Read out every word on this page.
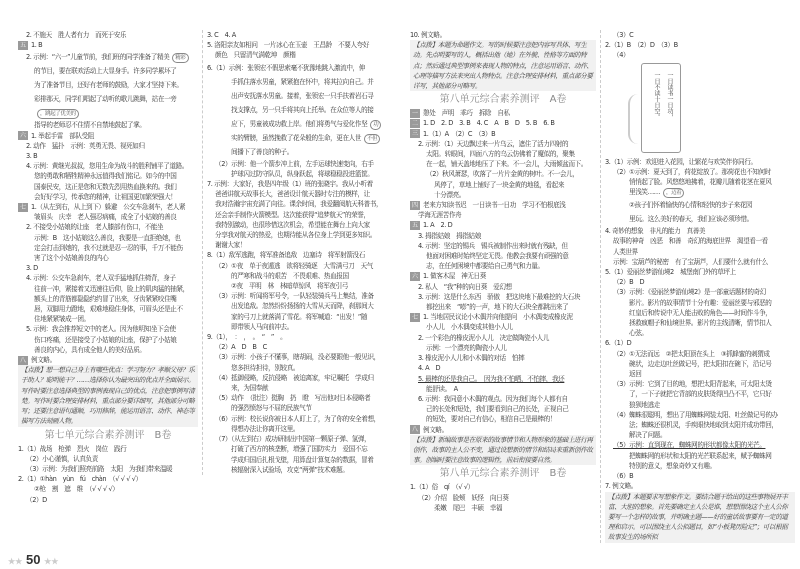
2. 不施天　胜人者有力　而死于安乐
五 1. B
2. 示例：“六一”儿童节前，我们班的同学准备了精美 精彩
的节目，要在联欢活动上大显身手。许多同学累坏了
为了准备节目，还好有老师的鼓励，大家才坚持下来。
彩排那天，同学们唱起了动听的歌儿跳舞，站在一旁，跳起了优美的
指导的老师忍不住情不自禁地鼓起了掌。
六 1. 举起手雷　部队受阻
2. 动作　猛扑　示例：英勇无畏、视死如归
3. B
4. 示例：黄继光叔叔，您用生命为战斗的胜利铺平了道路。
您的勇敢和牺牲精神永远值得我们铭记。如今的中国
国泰民安，这正是您和无数先烈用热血换来的。我们
会好好学习，传承您的精神，让祖国更加繁荣强大！
七 1.（从左到右，从上到下）躲避　公交车急刹车，老人紧
皱眉头　庆幸　老人强忍病痛，成全了小姑娘的善良
2. 不接受小姑娘的让座　老人膝部有伤口，不能坐
示例：B　这小姑娘这么善良，我要是一直拒绝她，也
定会打击到她的，我不过就是忍一忍的事，千万不能伤
害了这个小姑娘善良的内心
3. D
4. 示例：公交车急刹车，老人双手猛地抓住椅背，身子
往前一冲，紧接着又迅速往后仰，脸上的肌肉猛的抽紧，
额头上的青筋都隐隐约约冒了出来，牙齿紧紧咬住嘴
唇，双脚用力蹬地，艰难地稳住身体，可眉头还是止不
住地紧紧皱成一团。
5. 示例：我会推荐短文中的老人。因为他明知坐下会使
伤口疼痛，还是接受了小姑娘的让座，保护了小姑娘
善良的内心，具有成全他人的美好品质。
八 例文略。
【点拨】想一想自己身上有哪些优点：学习努力？孝顺父母？乐于助人？聪明能干？……选择你认为最突出的优点并全面展示。写作时要注意选择典型的事例表现自己的优点，注意把事例写清楚。写作时要合理安排材料，重点部分要详细写，其他部分可略写；还要注意语句通顺，巧用修辞，能运用语言、动作、神态等描写方法刻画人物。
第七单元综合素养测评　B卷
1.（1）战场　枪弹　烈火　岗位　践行
（2）小心谨慎，认真负责
（3）示例：为我们照亮前路　太阳　为我们带来温暖
2.（1）①hàn　yùn　fú　chàn　（√ √ √ √）
②枪　割　遮　维　（√ √ √ √）
（2）D
3. C　4. A
5. 洛阳亲友如相问　一片冰心在玉壶　王昌龄　不要人夸好
颜色　只留清气满乾坤　颜楷
6.（1）示例：张领宏不假思索毫不犹豫地跳入激流中，伸
手抓住落水男童，紧紧抱在怀中，将其拉向自己。并
出声安抚落水男童。接着，张领宏一只手扶着岩石寻
找支撑点，另一只手将其向上托举。在众位等人的接
应下，男童被成功救上岸。他们将勇气与爱化作坚 功
实的臂膀，虽然挽救了花朵般的生命，更在人世 不但
间播下了善良的种子。
（2）示例：他一个箭步冲上前，左手运球快速变向，右手
护球闪过防守队员，纵身跃起，将球稳稳投进篮筐。
7. 示例：大家好，我是四年级（1）班的张晓宇。我从小听着
爸爸讲航天故事长大，爸爸设计航天器时专注的模样，让
我对浩瀚宇宙充满了向往。课余时间，我爱翻阅航天科普书，
还会亲手制作火箭模型。这次能获得“追梦航天”的荣誉，
我特别激动，也很珍惜这次机会，希望能在舞台上向大家
分享我对航天的热爱，也期待能从各位身上学到更多知识。
谢谢大家！
8.（1）敌军逃跑，将军准备追敌　边塞诗　将军射箭没石
（2）①夜　单于夜遁逃　欲将轻骑逐　大雪满弓刀　天气
的严寒和战斗的艰苦　不畏艰难、热血报国
②夜　平明　林　林暗草惊风　将军夜引弓
（3）示例：听闻将军号令，一队轻装骑兵马上集结，准备
出发追敌。忽然纷纷扬扬的大雪从天而降，刹那间大
家的弓刀上就落满了雪花。将军喊道：“出发！”随
即带领人马向前冲去。
9.（1），　：　，　。　“　”　。
（2）A　D　B　C
（3）示例：小孩子不懂事，瞎胡闹，没必要跟他一般见识，
您多担待担待，别较真。
（4）抵御侵略，反抗侵略　被迫离家，牢记嘱托　学成归
来，为国奉献
（5）动作　（批注）挺胸　扔　瞪　写出他对日本侵略者
的强烈愤怒与不屈的民族气节
（6）示例：校长说你被日本人盯上了，为了你的安全着想，
得想办法让你离开这里。
（7）（从左到右）成功研制出中国第一颗原子弹、氢弹，
打破了西方的核垄断，增强了国防实力　爱国不忘
学成归国后扎根戈壁，用算盘计算复杂的数据，冒着
核辐射深入试验场，攻克“两弹”技术难题。
10. 例文略。
【点拨】本题为命题作文。写的时候要注意把内容写具体、写生动。先点明要写的人，概括出他（她）在外貌、性格等方面的特点；然后通过典型事例来表现人物的特点，注意运用语言、动作、心理等描写方法来突出人物特点。注意合理安排材料，重点部分要详写，其他部分可略写。
第八单元综合素养测评　A卷
一 憩处　声明　乖巧　拆除　自私
二 1. D　2. D　3. B　4. C　A　B　D　5. B　6. B
三 1.（1）A　（2）C　（3）B
2. 示例：（1）天边飘过来一片乌云，遮住了活力四射的
太阳。转眼间，四面八方的乌云仿佛着了魔似的，聚集
在一起，铺天盖地地压了下来。不一会儿，大雨倾盆而下。
（2）秋风萧瑟，吹落了一片片金黄的树叶。不一会儿，
风停了，草地上铺好了一块金黄的地毯，看起来
十分漂亮。
四 老来方知读书迟　一日读书一日功　学习不怕根底浅
学海无涯苦作舟
五 1. A　2. D
3. 拇指姑娘　拇指姑娘
4. 示例：坚定的锡兵　锡兵被制作出来时就有残缺，但
他面对困难时始终坚定无畏。他教会我要有顽强的意
志，在任何困境中都要给自己勇气和力量。
六 1. 做客木屋　神无日葵
2. 私人　“我”种的向日葵　爱幻想
3. 示例：这是什么东西　骄傲　把这块地下最难挖的大石块
都挖出来　“嘭”的一声，地下的大石块全都跳出来了
七 1. 当地居民议论小木偶并向他提问　小木偶变成橡皮泥
小人儿　小木偶变成其他小人儿
2. 一个彩色的橡皮泥小人儿　决定做陶瓷小人儿
示例：一个漂亮的陶瓷小人儿
3. 橡皮泥小人儿和小木偶的对话　怕摔
4. A　D
5. 最棒的还是我自己。　因为我不怕晒，不怕摔，我还
能舒读。　A
6. 示例：我同意小木偶的观点。因为我们每个人都有自
己的长处和短处，我们要看到自己的长处，正视自己
的短处，要对自己有信心，相信自己是最棒的！
八 例文略。
【点拨】新编故事是在原来的故事情节和人物形象的基础上进行再创作，故事的主人公不变，通过设想新的情节和结局来重新创作故事。创编时要注意故事的逻辑性，前后衔接要自然。
第八单元综合素养测评　B卷
1.（1）俗　qí　（√ √）
（2）介绍　脸颊　妖怪　向日葵
柔嫩　尾巴　丰硕　幸福
（3）C
2.（1）B　（2）D　（3）B
（4）
一日读书一日功，
一日不读十日空。
3.（1）示例：欢迎进入花园，让繁花与欢笑伴你同行。
（2）①示例：夏天到了，荷花绽放了。那荷花也不知何时
悄悄起了脸。风悠悠地拂着，花瓣儿随着花茎在夏风
里浅笑…… ，迈着
②孩子们怀着愉快的心情和轻快的步子来花园
里玩。这么美好的春天，我们应该必须珍惜。
4. 奇妙的想象　非凡的能力　真善美
故事的神奇　凶恶　和善　奇幻的海底世界　渴望看一看
人类世界
示例：宝葫芦的秘密　有了宝葫芦，人们要什么就有什么
5.（1）爱丽丝梦游仙境2　城堡南门外的草坪上
（2）B　D
（3）示例：《爱丽丝梦游仙境2》是一部童话题材的奇幻
影片。影片的故事情节十分有趣：爱丽丝要与邪恶的
红皇后和传说中无人能击败的角色——时间作斗争，
拯救疯帽子和仙境世界。影片的主线清晰，情节扣人
心弦。
6.（1）D
（2）①无法而远　②把太阳顶在头上　③抓蜂蜜的刺猬成
碗状，边走边吐丝做记号，把太阳扣在碗下，沿记号
返回
（3）示例：它到了目的地，想把太阳背起来，可太阳太烫
了，一下子就把它背部的皮肤烫得凹凸不平，它只好
狼狈地逃走
（4）蜘蛛很聪明，想出了用蜘蛛网装太阳、吐丝做记号的办
法；蜘蛛还很机灵，手疾眼快地取到太阳并成功带回，
解决了问题。
（5）示例：直到现在，蜘蛛网的形状都像太阳的光芒。
把蜘蛛网的形状和太阳的光芒联系起来，赋予蜘蛛网
特别的意义，想象奇妙又有趣。
（6）B
7. 例文略。
【点拨】本题要求写想象作文。要结合题干给出的这些事物展开丰富、大胆的想象。首先要确定主人公是谁，想想围绕这个主人公你要写一个怎样的故事，并明确主题——好的童话故事要有一定的道理和启示。可以围绕主人公拟题目，如“小板凳历险记”；可以根据故事发生的场所拟
★★ 50 ★★
